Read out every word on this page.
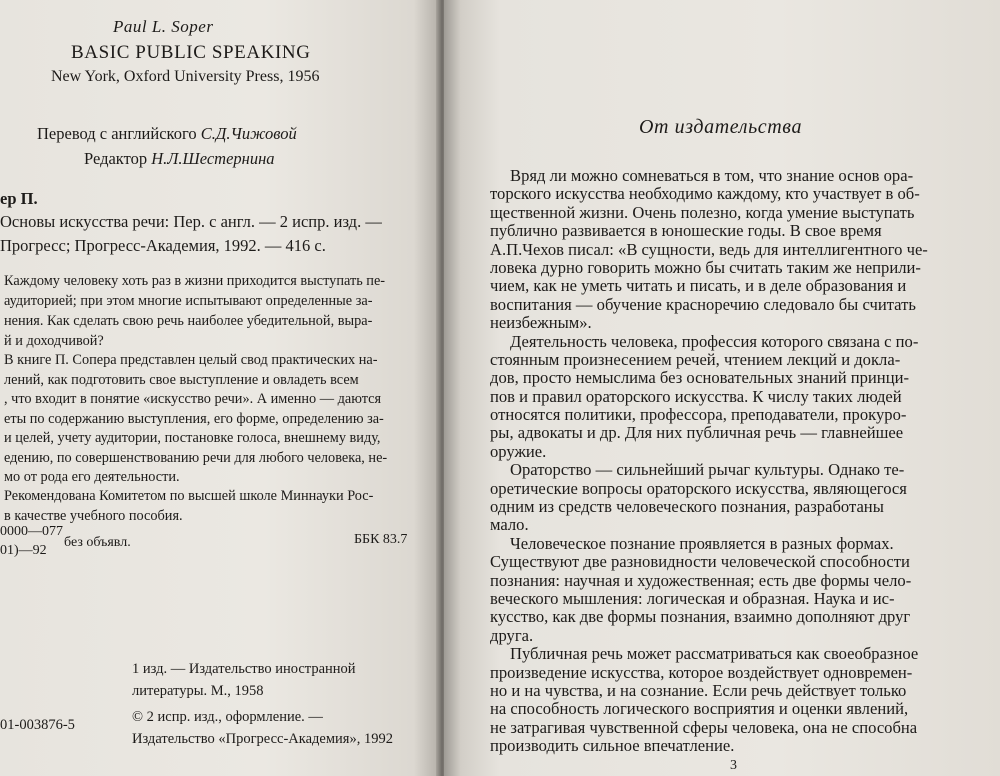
Paul L. Soper
BASIC PUBLIC SPEAKING
New York, Oxford University Press, 1956
Перевод с английского С.Д.Чижовой
Редактор Н.Л.Шестернина
ер П.
Основы искусства речи: Пер. с англ. — 2 испр. изд. —
Прогресс; Прогресс-Академия, 1992. — 416 с.
Каждому человеку хоть раз в жизни приходится выступать пе-
аудиторией; при этом многие испытывают определенные за-
нения. Как сделать свою речь наиболее убедительной, выра-
й и доходчивой?
В книге П. Сопера представлен целый свод практических на-
лений, как подготовить свое выступление и овладеть всем
, что входит в понятие «искусство речи». А именно — даются
еты по содержанию выступления, его форме, определению за-
и целей, учету аудитории, постановке голоса, внешнему виду,
едению, по совершенствованию речи для любого человека, не-
мо от рода его деятельности.
Рекомендована Комитетом по высшей школе Миннауки Рос-
в качестве учебного пособия.
0000—077
01)—92
без объявл.	ББК 83.7
1 изд. — Издательство иностранной
литературы. М., 1958
01-003876-5	© 2 испр. изд., оформление. —
Издательство «Прогресс-Академия», 1992
От издательства
Вряд ли можно сомневаться в том, что знание основ ора-
торского искусства необходимо каждому, кто участвует в об-
щественной жизни. Очень полезно, когда умение выступать
публично развивается в юношеские годы. В свое время
А.П.Чехов писал: «В сущности, ведь для интеллигентного че-
ловека дурно говорить можно бы считать таким же неприли-
чием, как не уметь читать и писать, и в деле образования и
воспитания — обучение красноречию следовало бы считать
неизбежным».
Деятельность человека, профессия которого связана с по-
стоянным произнесением речей, чтением лекций и докла-
дов, просто немыслима без основательных знаний принци-
пов и правил ораторского искусства. К числу таких людей
относятся политики, профессора, преподаватели, прокуро-
ры, адвокаты и др. Для них публичная речь — главнейшее
оружие.
Ораторство — сильнейший рычаг культуры. Однако те-
оретические вопросы ораторского искусства, являющегося
одним из средств человеческого познания, разработаны
мало.
Человеческое познание проявляется в разных формах.
Существуют две разновидности человеческой способности
познания: научная и художественная; есть две формы чело-
веческого мышления: логическая и образная. Наука и ис-
кусство, как две формы познания, взаимно дополняют друг
друга.
Публичная речь может рассматриваться как своеобразное
произведение искусства, которое воздействует одновремен-
но и на чувства, и на сознание. Если речь действует только
на способность логического восприятия и оценки явлений,
не затрагивая чувственной сферы человека, она не способна
производить сильное впечатление.
3
